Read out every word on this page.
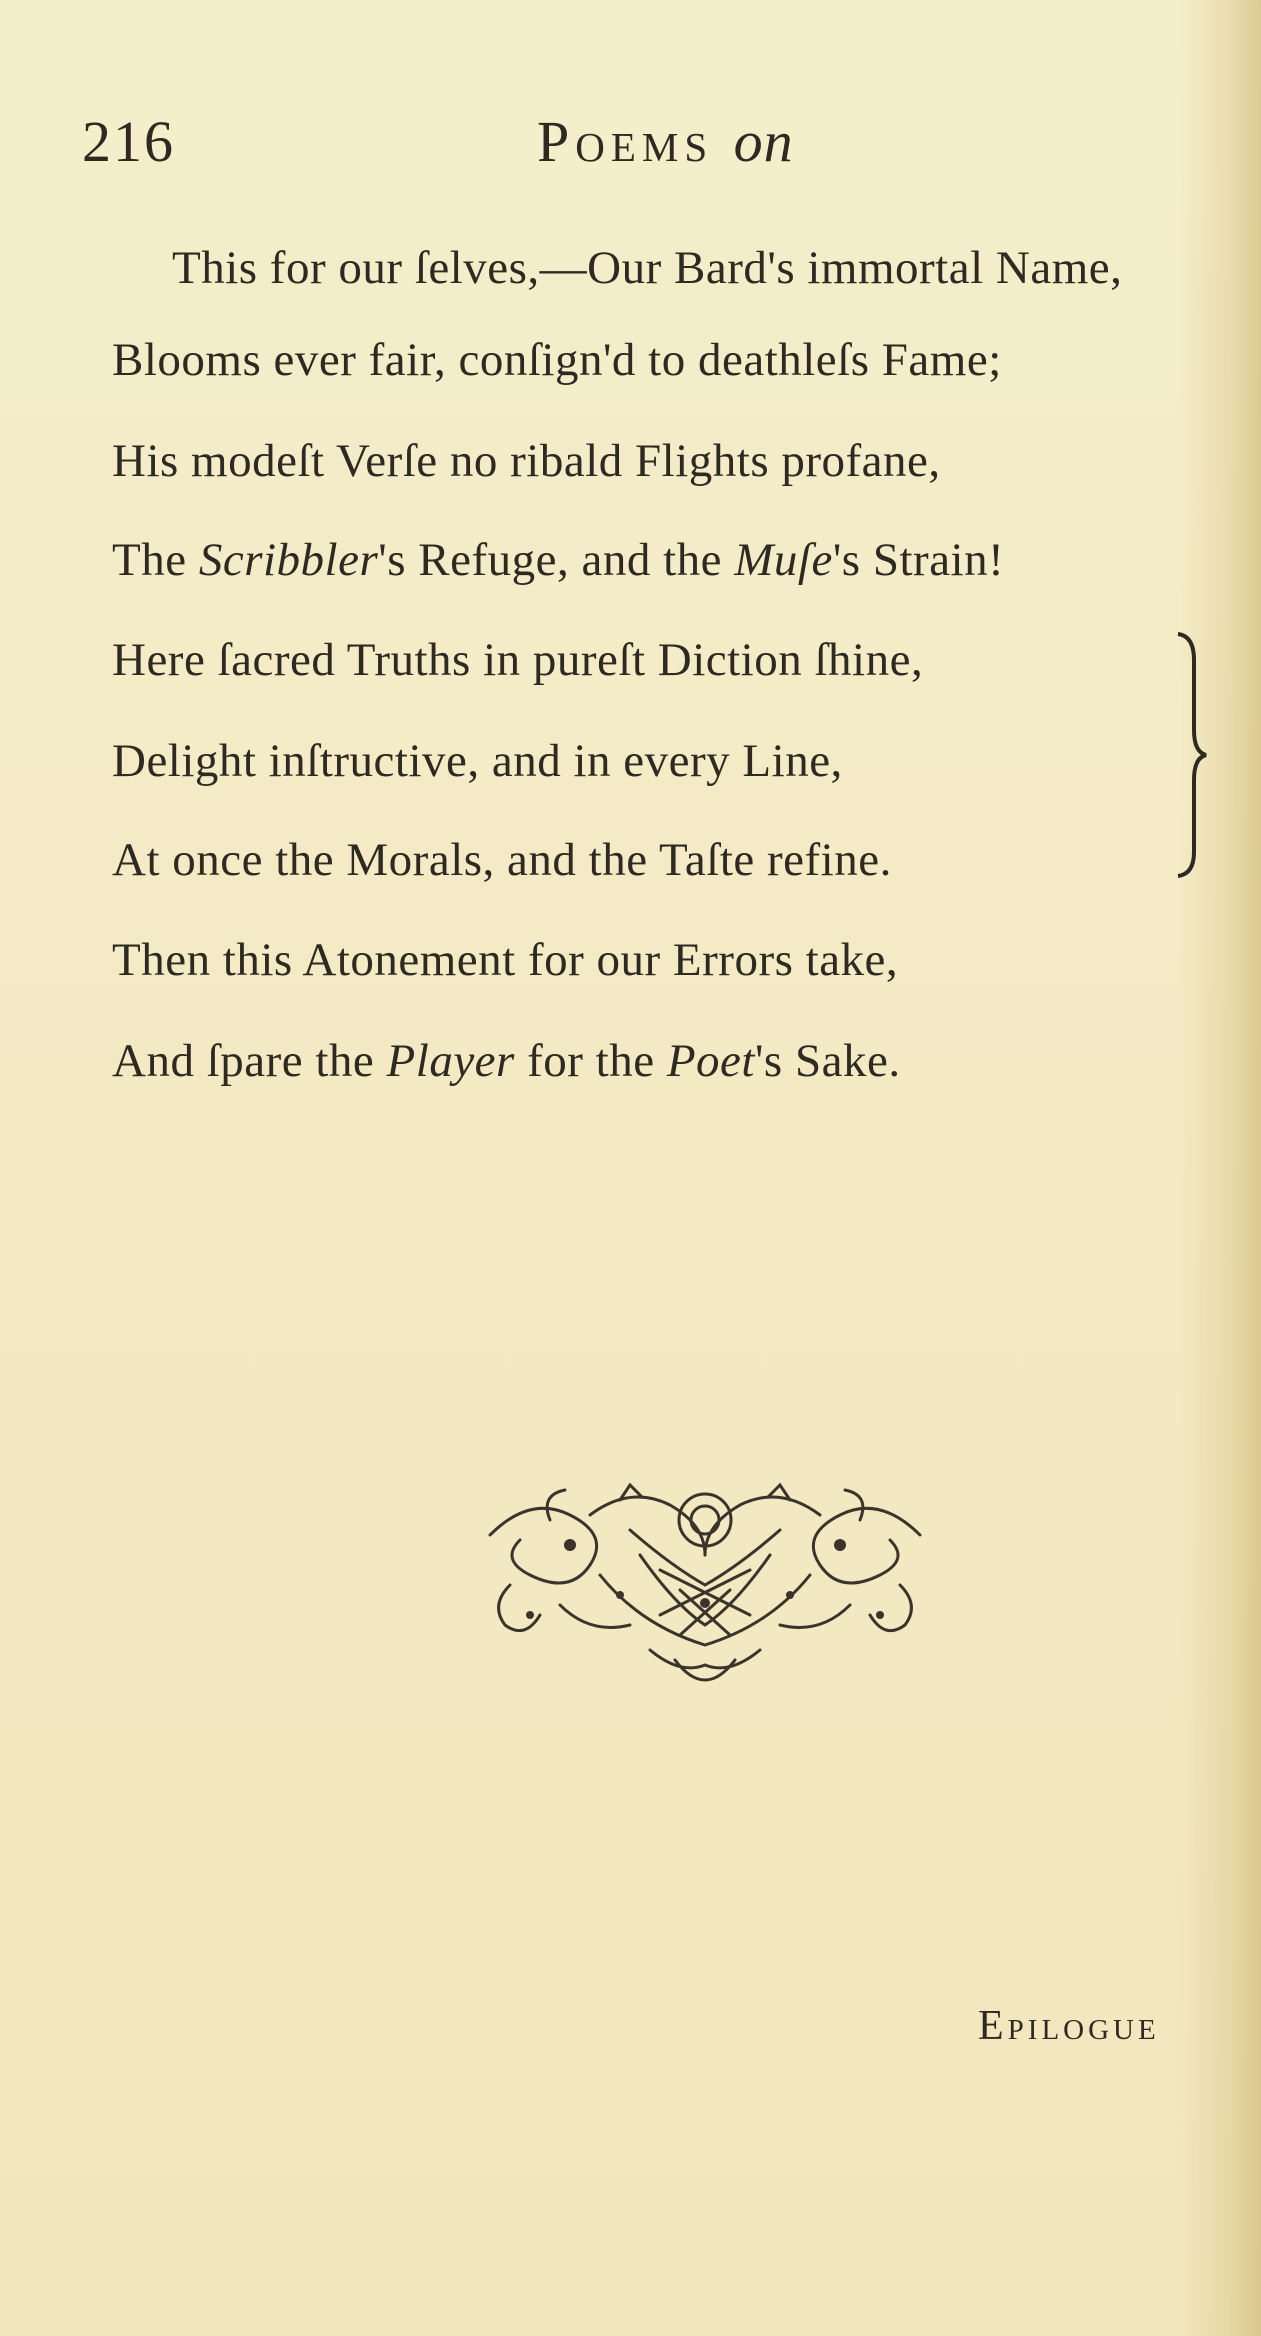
216	Poems on
This for our ſelves,—Our Bard's immortal Name,
Blooms ever fair, conſign'd to deathleſs Fame;
His modeſt Verſe no ribald Flights profane,
The Scribbler's Refuge, and the Muſe's Strain!
Here ſacred Truths in pureſt Diction ſhine,
Delight inſtructive, and in every Line,
At once the Morals, and the Taſte refine.
Then this Atonement for our Errors take,
And ſpare the Player for the Poet's Sake.
Epilogue
